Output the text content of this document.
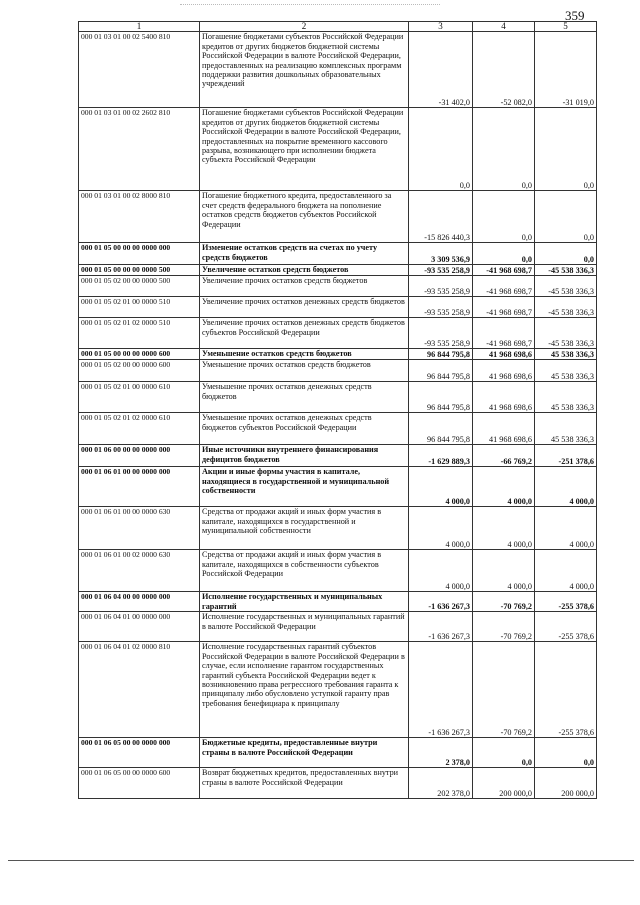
359
1	2	3	4	5
000 01 03 01 00 02 5400 810	Погашение бюджетами субъектов Российской Федерации кредитов от других бюджетов бюджетной системы Российской Федерации в валюте Российской Федерации, предоставленных на реализацию комплексных программ поддержки развития дошкольных образовательных учреждений	-31 402,0	-52 082,0	-31 019,0
000 01 03 01 00 02 2602 810	Погашение бюджетами субъектов Российской Федерации кредитов от других бюджетов бюджетной системы Российской Федерации в валюте Российской Федерации, предоставленных на покрытие временного кассового разрыва, возникающего при исполнении бюджета субъекта Российской Федерации	0,0	0,0	0,0
000 01 03 01 00 02 8000 810	Погашение бюджетного кредита, предоставленного за счет средств федерального бюджета на пополнение остатков средств бюджетов субъектов Российской Федерации	-15 826 440,3	0,0	0,0
000 01 05 00 00 00 0000 000	Изменение остатков средств на счетах по учету средств бюджетов	3 309 536,9	0,0	0,0
000 01 05 00 00 00 0000 500	Увеличение остатков средств бюджетов	-93 535 258,9	-41 968 698,7	-45 538 336,3
000 01 05 02 00 00 0000 500	Увеличение прочих остатков средств бюджетов	-93 535 258,9	-41 968 698,7	-45 538 336,3
000 01 05 02 01 00 0000 510	Увеличение прочих остатков денежных средств бюджетов	-93 535 258,9	-41 968 698,7	-45 538 336,3
000 01 05 02 01 02 0000 510	Увеличение прочих остатков денежных средств бюджетов субъектов Российской Федерации	-93 535 258,9	-41 968 698,7	-45 538 336,3
000 01 05 00 00 00 0000 600	Уменьшение остатков средств бюджетов	96 844 795,8	41 968 698,6	45 538 336,3
000 01 05 02 00 00 0000 600	Уменьшение прочих остатков средств бюджетов	96 844 795,8	41 968 698,6	45 538 336,3
000 01 05 02 01 00 0000 610	Уменьшение прочих остатков денежных средств бюджетов	96 844 795,8	41 968 698,6	45 538 336,3
000 01 05 02 01 02 0000 610	Уменьшение прочих остатков денежных средств бюджетов субъектов Российской Федерации	96 844 795,8	41 968 698,6	45 538 336,3
000 01 06 00 00 00 0000 000	Иные источники внутреннего финансирования дефицитов бюджетов	-1 629 889,3	-66 769,2	-251 378,6
000 01 06 01 00 00 0000 000	Акции и иные формы участия в капитале, находящиеся в государственной и муниципальной собственности	4 000,0	4 000,0	4 000,0
000 01 06 01 00 00 0000 630	Средства от продажи акций и иных форм участия в капитале, находящихся в государственной и муниципальной собственности	4 000,0	4 000,0	4 000,0
000 01 06 01 00 02 0000 630	Средства от продажи акций и иных форм участия в капитале, находящихся в собственности субъектов Российской Федерации	4 000,0	4 000,0	4 000,0
000 01 06 04 00 00 0000 000	Исполнение государственных и муниципальных гарантий	-1 636 267,3	-70 769,2	-255 378,6
000 01 06 04 01 00 0000 000	Исполнение государственных и муниципальных гарантий в валюте Российской Федерации	-1 636 267,3	-70 769,2	-255 378,6
000 01 06 04 01 02 0000 810	Исполнение государственных гарантий субъектов Российской Федерации в валюте Российской Федерации в случае, если исполнение гарантом государственных гарантий субъекта Российской Федерации ведет к возникновению права регрессного требования гаранта к принципалу либо обусловлено уступкой гаранту прав требования бенефициара к принципалу	-1 636 267,3	-70 769,2	-255 378,6
000 01 06 05 00 00 0000 000	Бюджетные кредиты, предоставленные внутри страны в валюте Российской Федерации	2 378,0	0,0	0,0
000 01 06 05 00 00 0000 600	Возврат бюджетных кредитов, предоставленных внутри страны в валюте Российской Федерации	202 378,0	200 000,0	200 000,0
